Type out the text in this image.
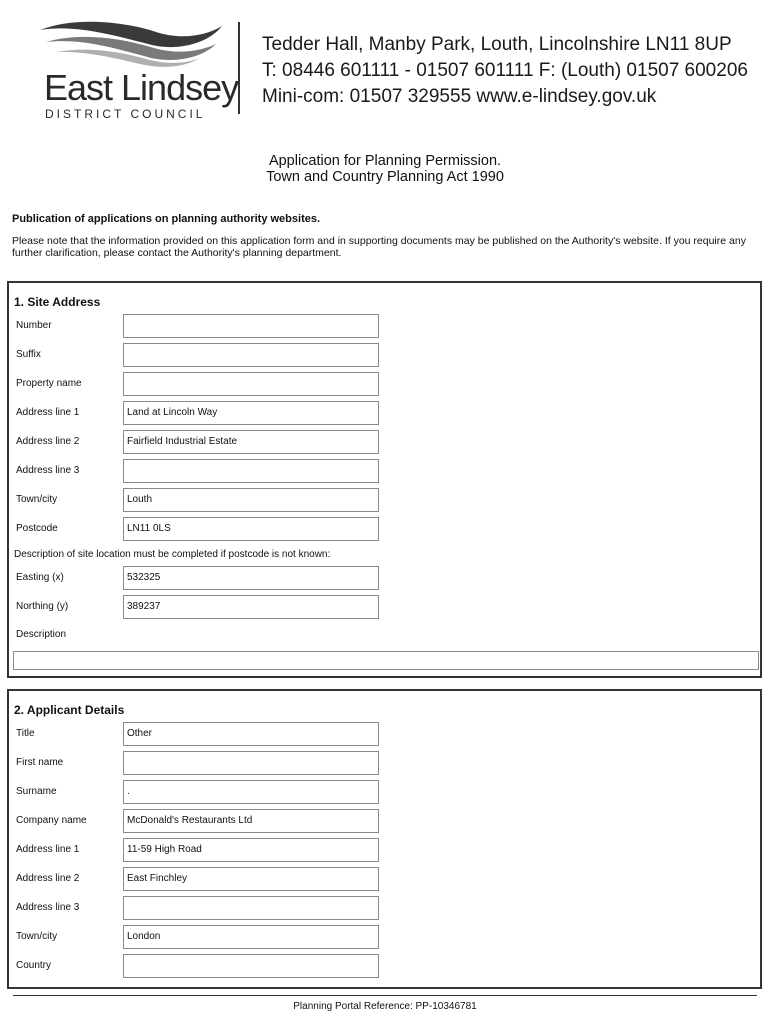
East Lindsey
DISTRICT COUNCIL
Tedder Hall, Manby Park, Louth, Lincolnshire LN11 8UP
T: 08446 601111 - 01507 601111 F: (Louth) 01507 600206
Mini-com: 01507 329555 www.e-lindsey.gov.uk
Application for Planning Permission.
Town and Country Planning Act 1990
Publication of applications on planning authority websites.
Please note that the information provided on this application form and in supporting documents may be published on the Authority's website. If you require any further clarification, please contact the Authority's planning department.
1. Site Address
Number
Suffix
Property name
Address line 1	Land at Lincoln Way
Address line 2	Fairfield Industrial Estate
Address line 3
Town/city	Louth
Postcode	LN11 0LS
Description of site location must be completed if postcode is not known:
Easting (x)	532325
Northing (y)	389237
Description
2. Applicant Details
Title	Other
First name
Surname	.
Company name	McDonald's Restaurants Ltd
Address line 1	11-59 High Road
Address line 2	East Finchley
Address line 3
Town/city	London
Country
Planning Portal Reference: PP-10346781
